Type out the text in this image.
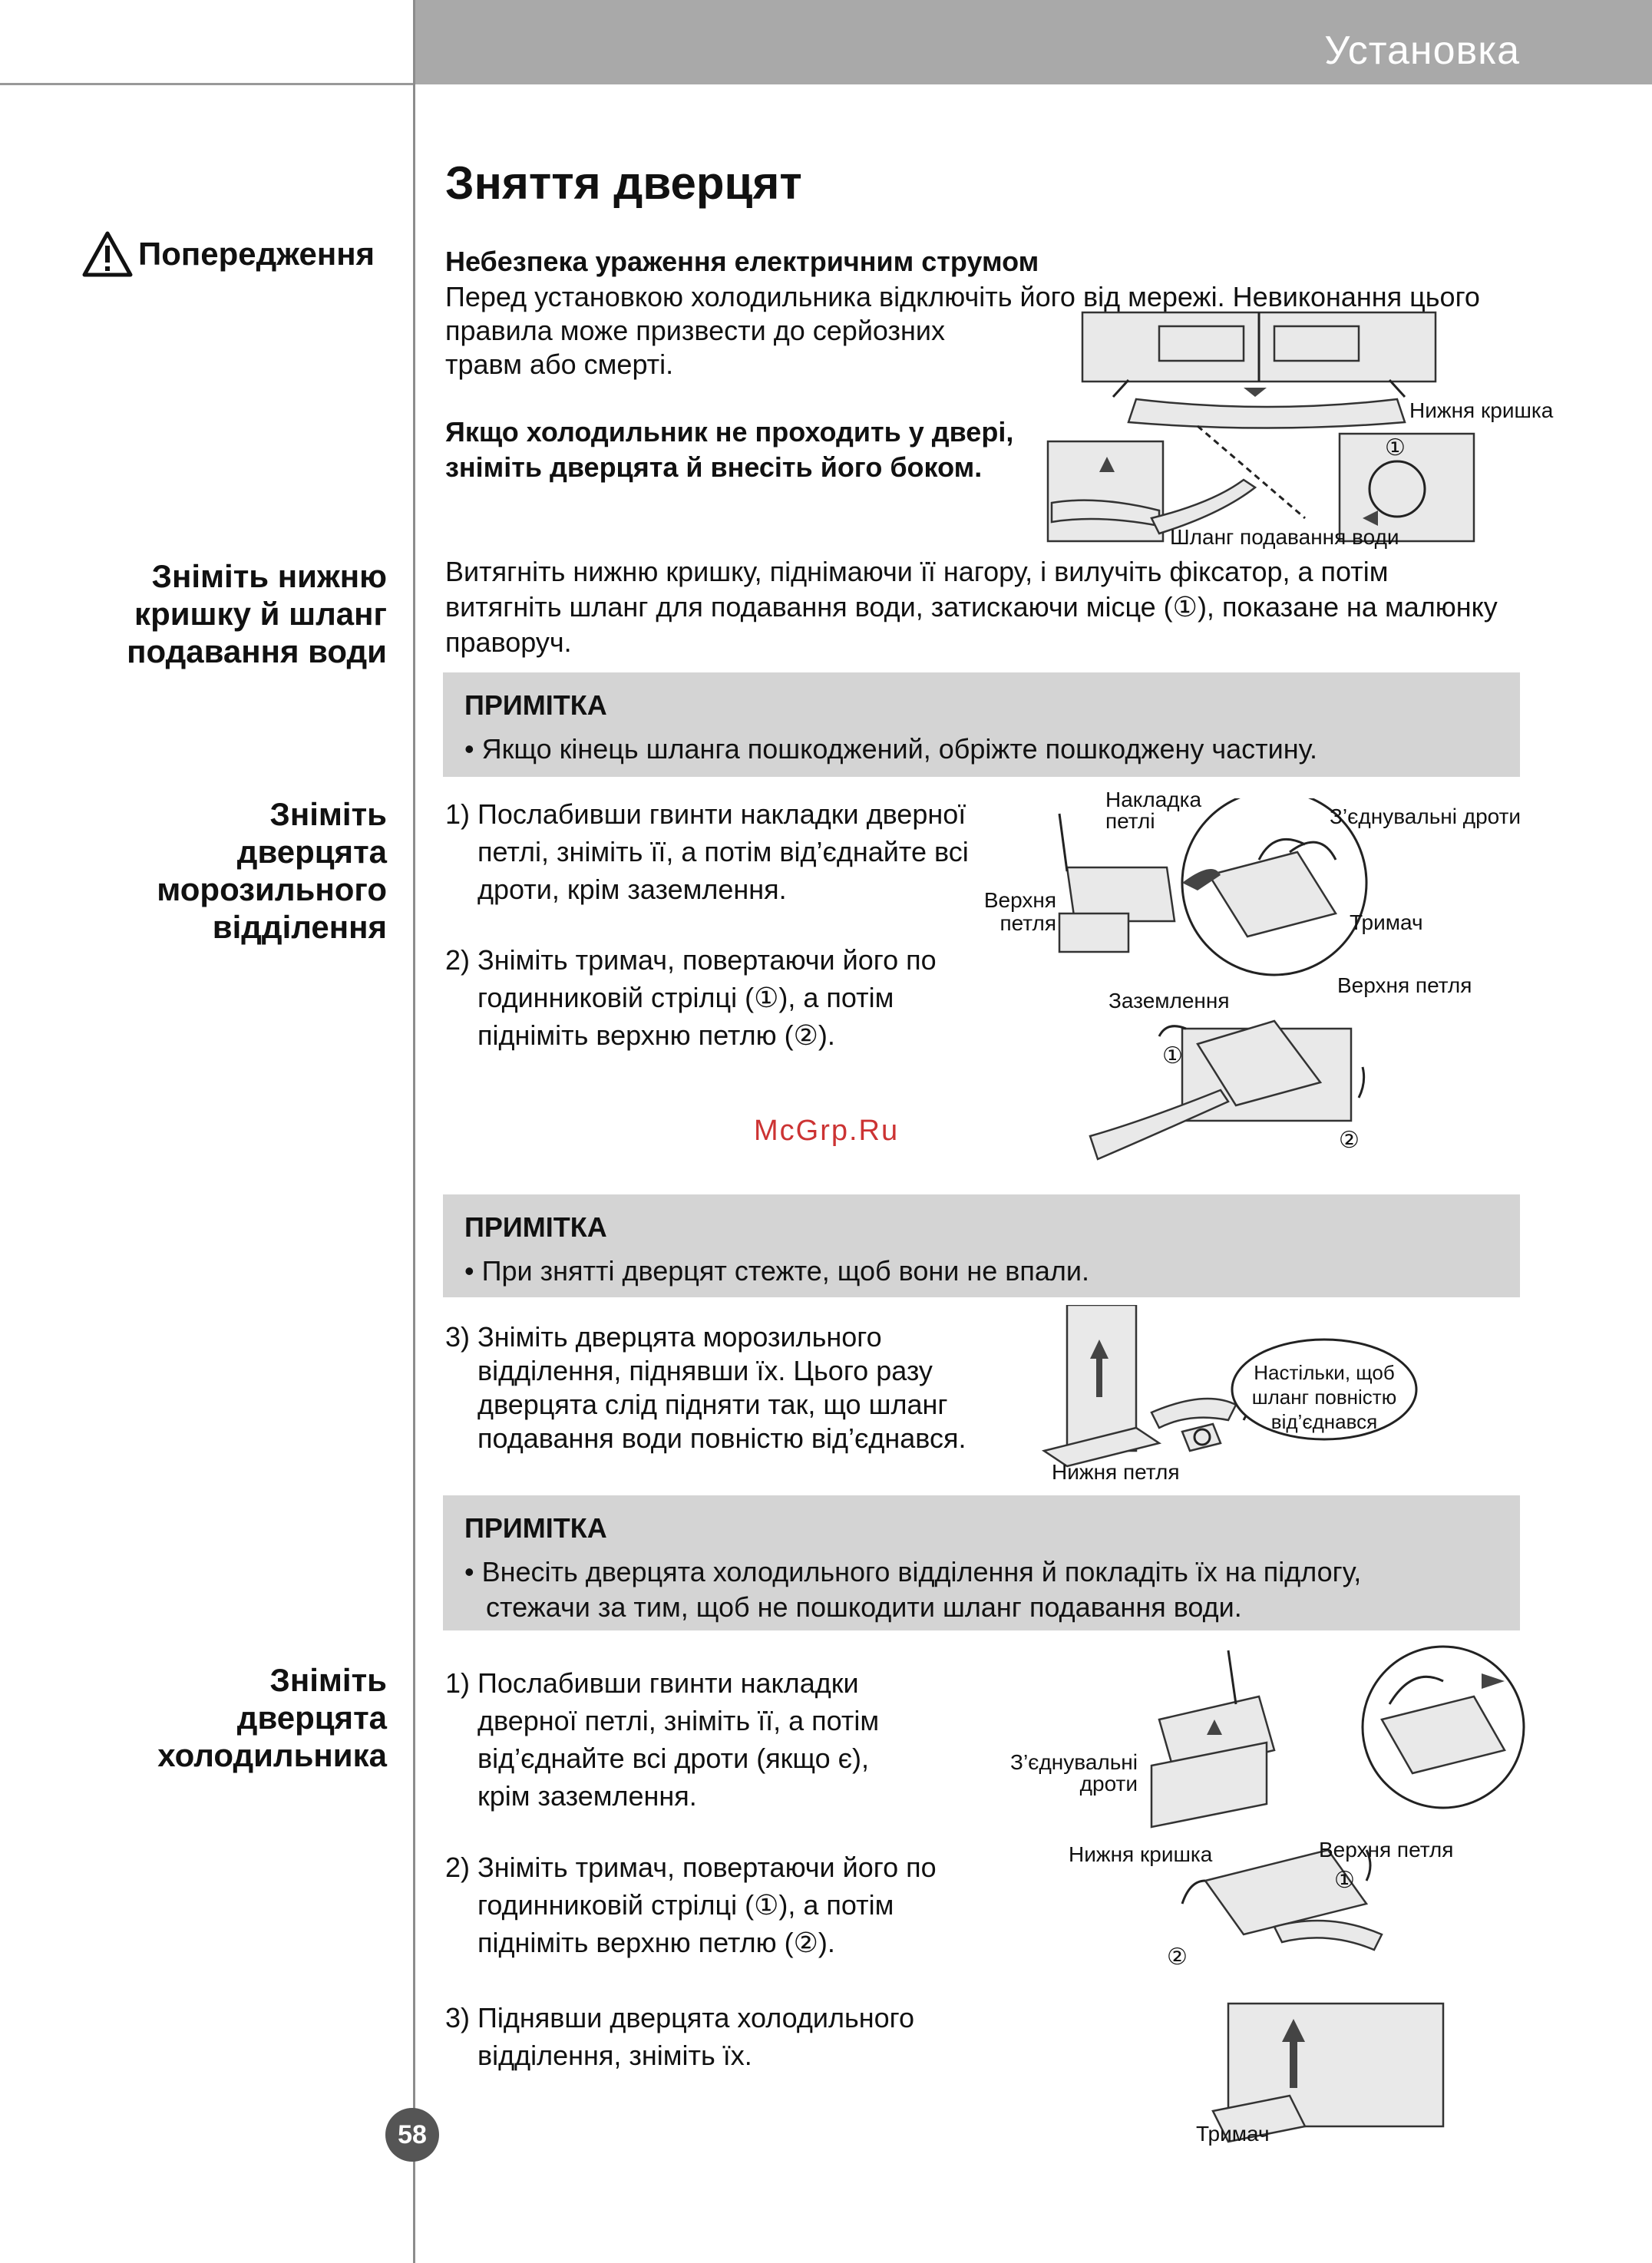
Установка
Зняття дверцят
Попередження	Небезпека ураження електричним струмом
Перед установкою холодильника відключіть його від мережі. Невиконання цього
правила може призвести до серйозних
травм або смерті.
Якщо холодильник не проходить у двері,
зніміть дверцята й внесіть його боком.
Нижня кришка
Шланг подавання води
①
Зніміть нижню
кришку й шланг
подавання води
Витягніть нижню кришку, піднімаючи її нагору, і вилучіть фіксатор, а потім
витягніть шланг для подавання води, затискаючи місце (①), показане на малюнку
праворуч.
ПРИМІТКА
• Якщо кінець шланга пошкоджений, обріжте пошкоджену частину.
Зніміть
дверцята
морозильного
відділення
1) Послабивши гвинти накладки дверної
петлі, зніміть її, а потім від’єднайте всі
дроти, крім заземлення.
2) Зніміть тримач, повертаючи його по
годинниковій стрілці (①), а потім
підніміть верхню петлю (②).
Накладка
петлі	З’єднувальні дроти
Верхня
петля	Тримач
Заземлення
Верхня петля
①
②
McGrp.Ru
ПРИМІТКА
• При знятті дверцят стежте, щоб вони не впали.
3) Зніміть дверцята морозильного
відділення, піднявши їх. Цього разу
дверцята слід підняти так, що шланг
подавання води повністю від’єднався.
Настільки, щоб
шланг повністю
від’єднався
Нижня петля
ПРИМІТКА
• Внесіть дверцята холодильного відділення й покладіть їх на підлогу,
стежачи за тим, щоб не пошкодити шланг подавання води.
Зніміть
дверцята
холодильника
1) Послабивши гвинти накладки
дверної петлі, зніміть її, а потім
від’єднайте всі дроти (якщо є),
крім заземлення.
2) Зніміть тримач, повертаючи його по
годинниковій стрілці (①), а потім
підніміть верхню петлю (②).
3) Піднявши дверцята холодильного
відділення, зніміть їх.
З’єднувальні
дроти
Нижня кришка	Верхня петля
①
②
Тримач
58
